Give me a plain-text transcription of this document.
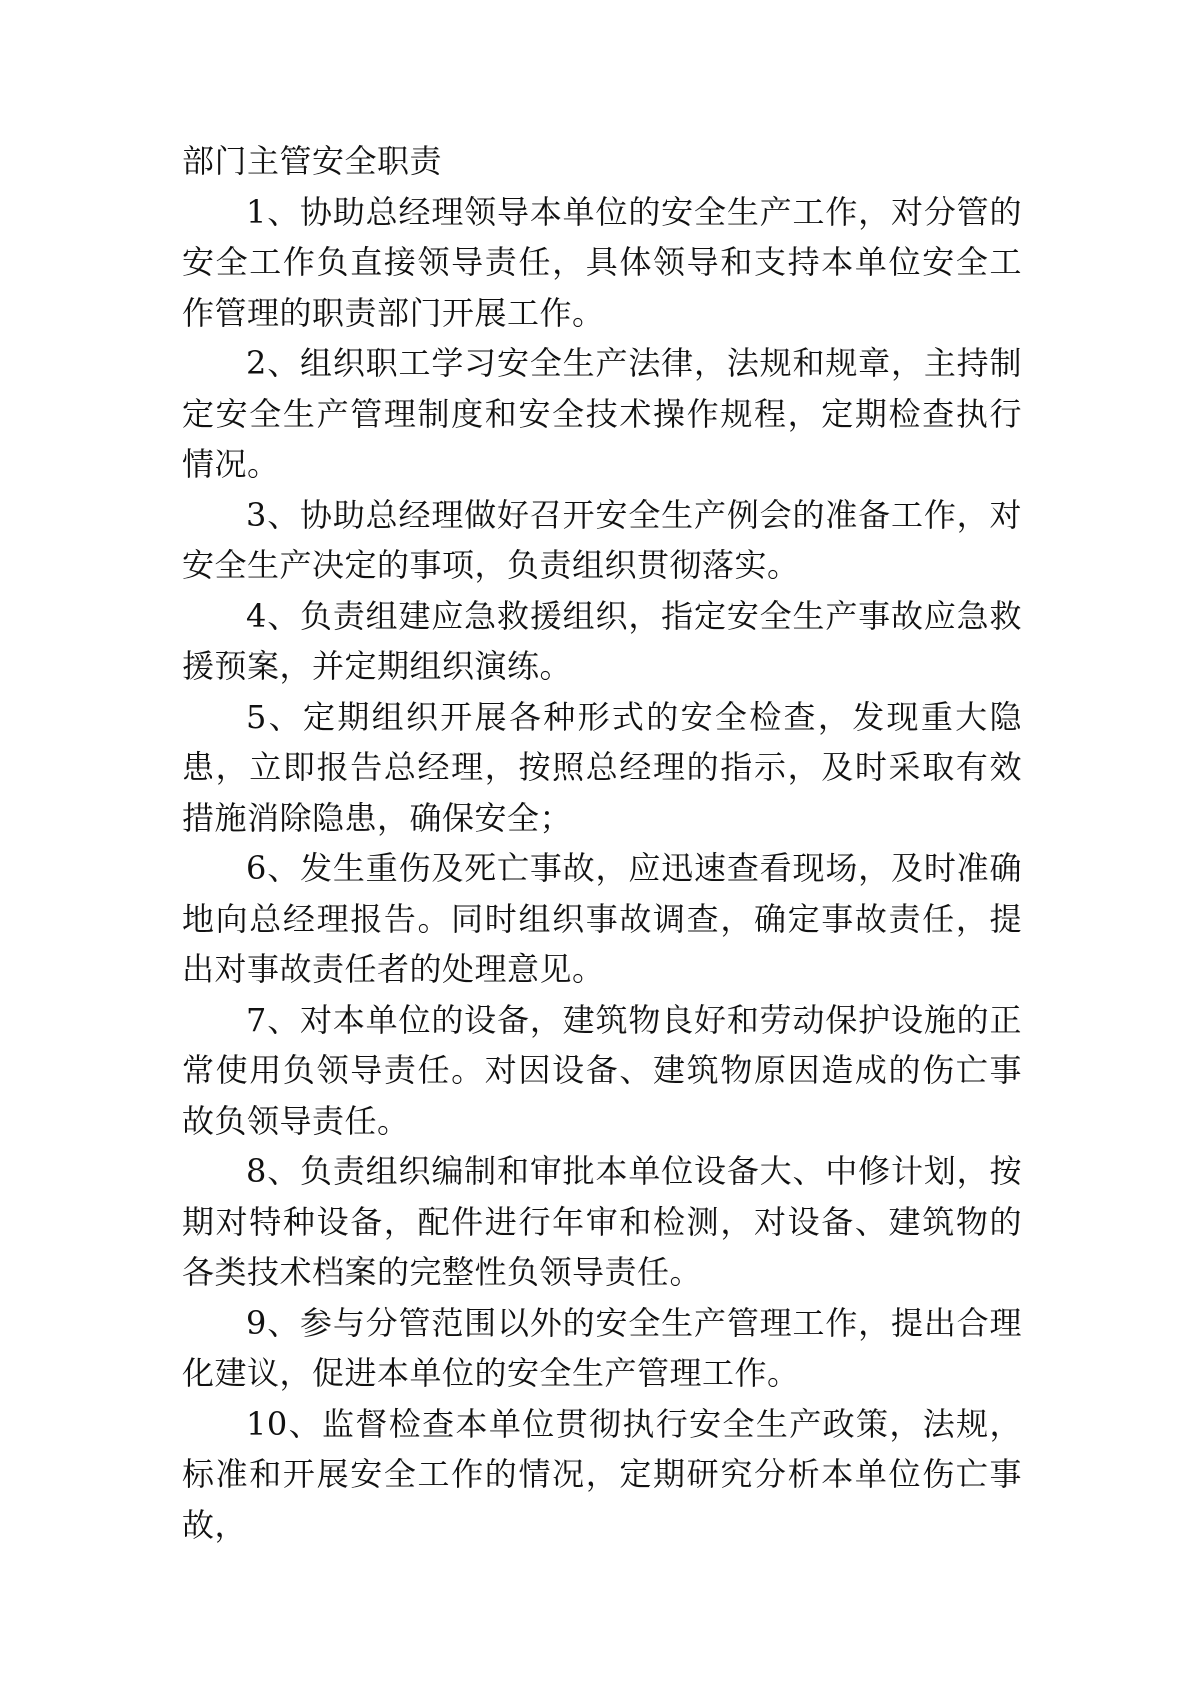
部门主管安全职责

1、协助总经理领导本单位的安全生产工作，对分管的安全工作负直接领导责任，具体领导和支持本单位安全工作管理的职责部门开展工作。

2、组织职工学习安全生产法律，法规和规章，主持制定安全生产管理制度和安全技术操作规程，定期检查执行情况。

3、协助总经理做好召开安全生产例会的准备工作，对安全生产决定的事项，负责组织贯彻落实。

4、负责组建应急救援组织，指定安全生产事故应急救援预案，并定期组织演练。

5、定期组织开展各种形式的安全检查，发现重大隐患，立即报告总经理，按照总经理的指示，及时采取有效措施消除隐患，确保安全；

6、发生重伤及死亡事故，应迅速查看现场，及时准确地向总经理报告。同时组织事故调查，确定事故责任，提出对事故责任者的处理意见。

7、对本单位的设备，建筑物良好和劳动保护设施的正常使用负领导责任。对因设备、建筑物原因造成的伤亡事故负领导责任。

8、负责组织编制和审批本单位设备大、中修计划，按期对特种设备，配件进行年审和检测，对设备、建筑物的各类技术档案的完整性负领导责任。

9、参与分管范围以外的安全生产管理工作，提出合理化建议，促进本单位的安全生产管理工作。

10、监督检查本单位贯彻执行安全生产政策，法规，标准和开展安全工作的情况，定期研究分析本单位伤亡事故，
